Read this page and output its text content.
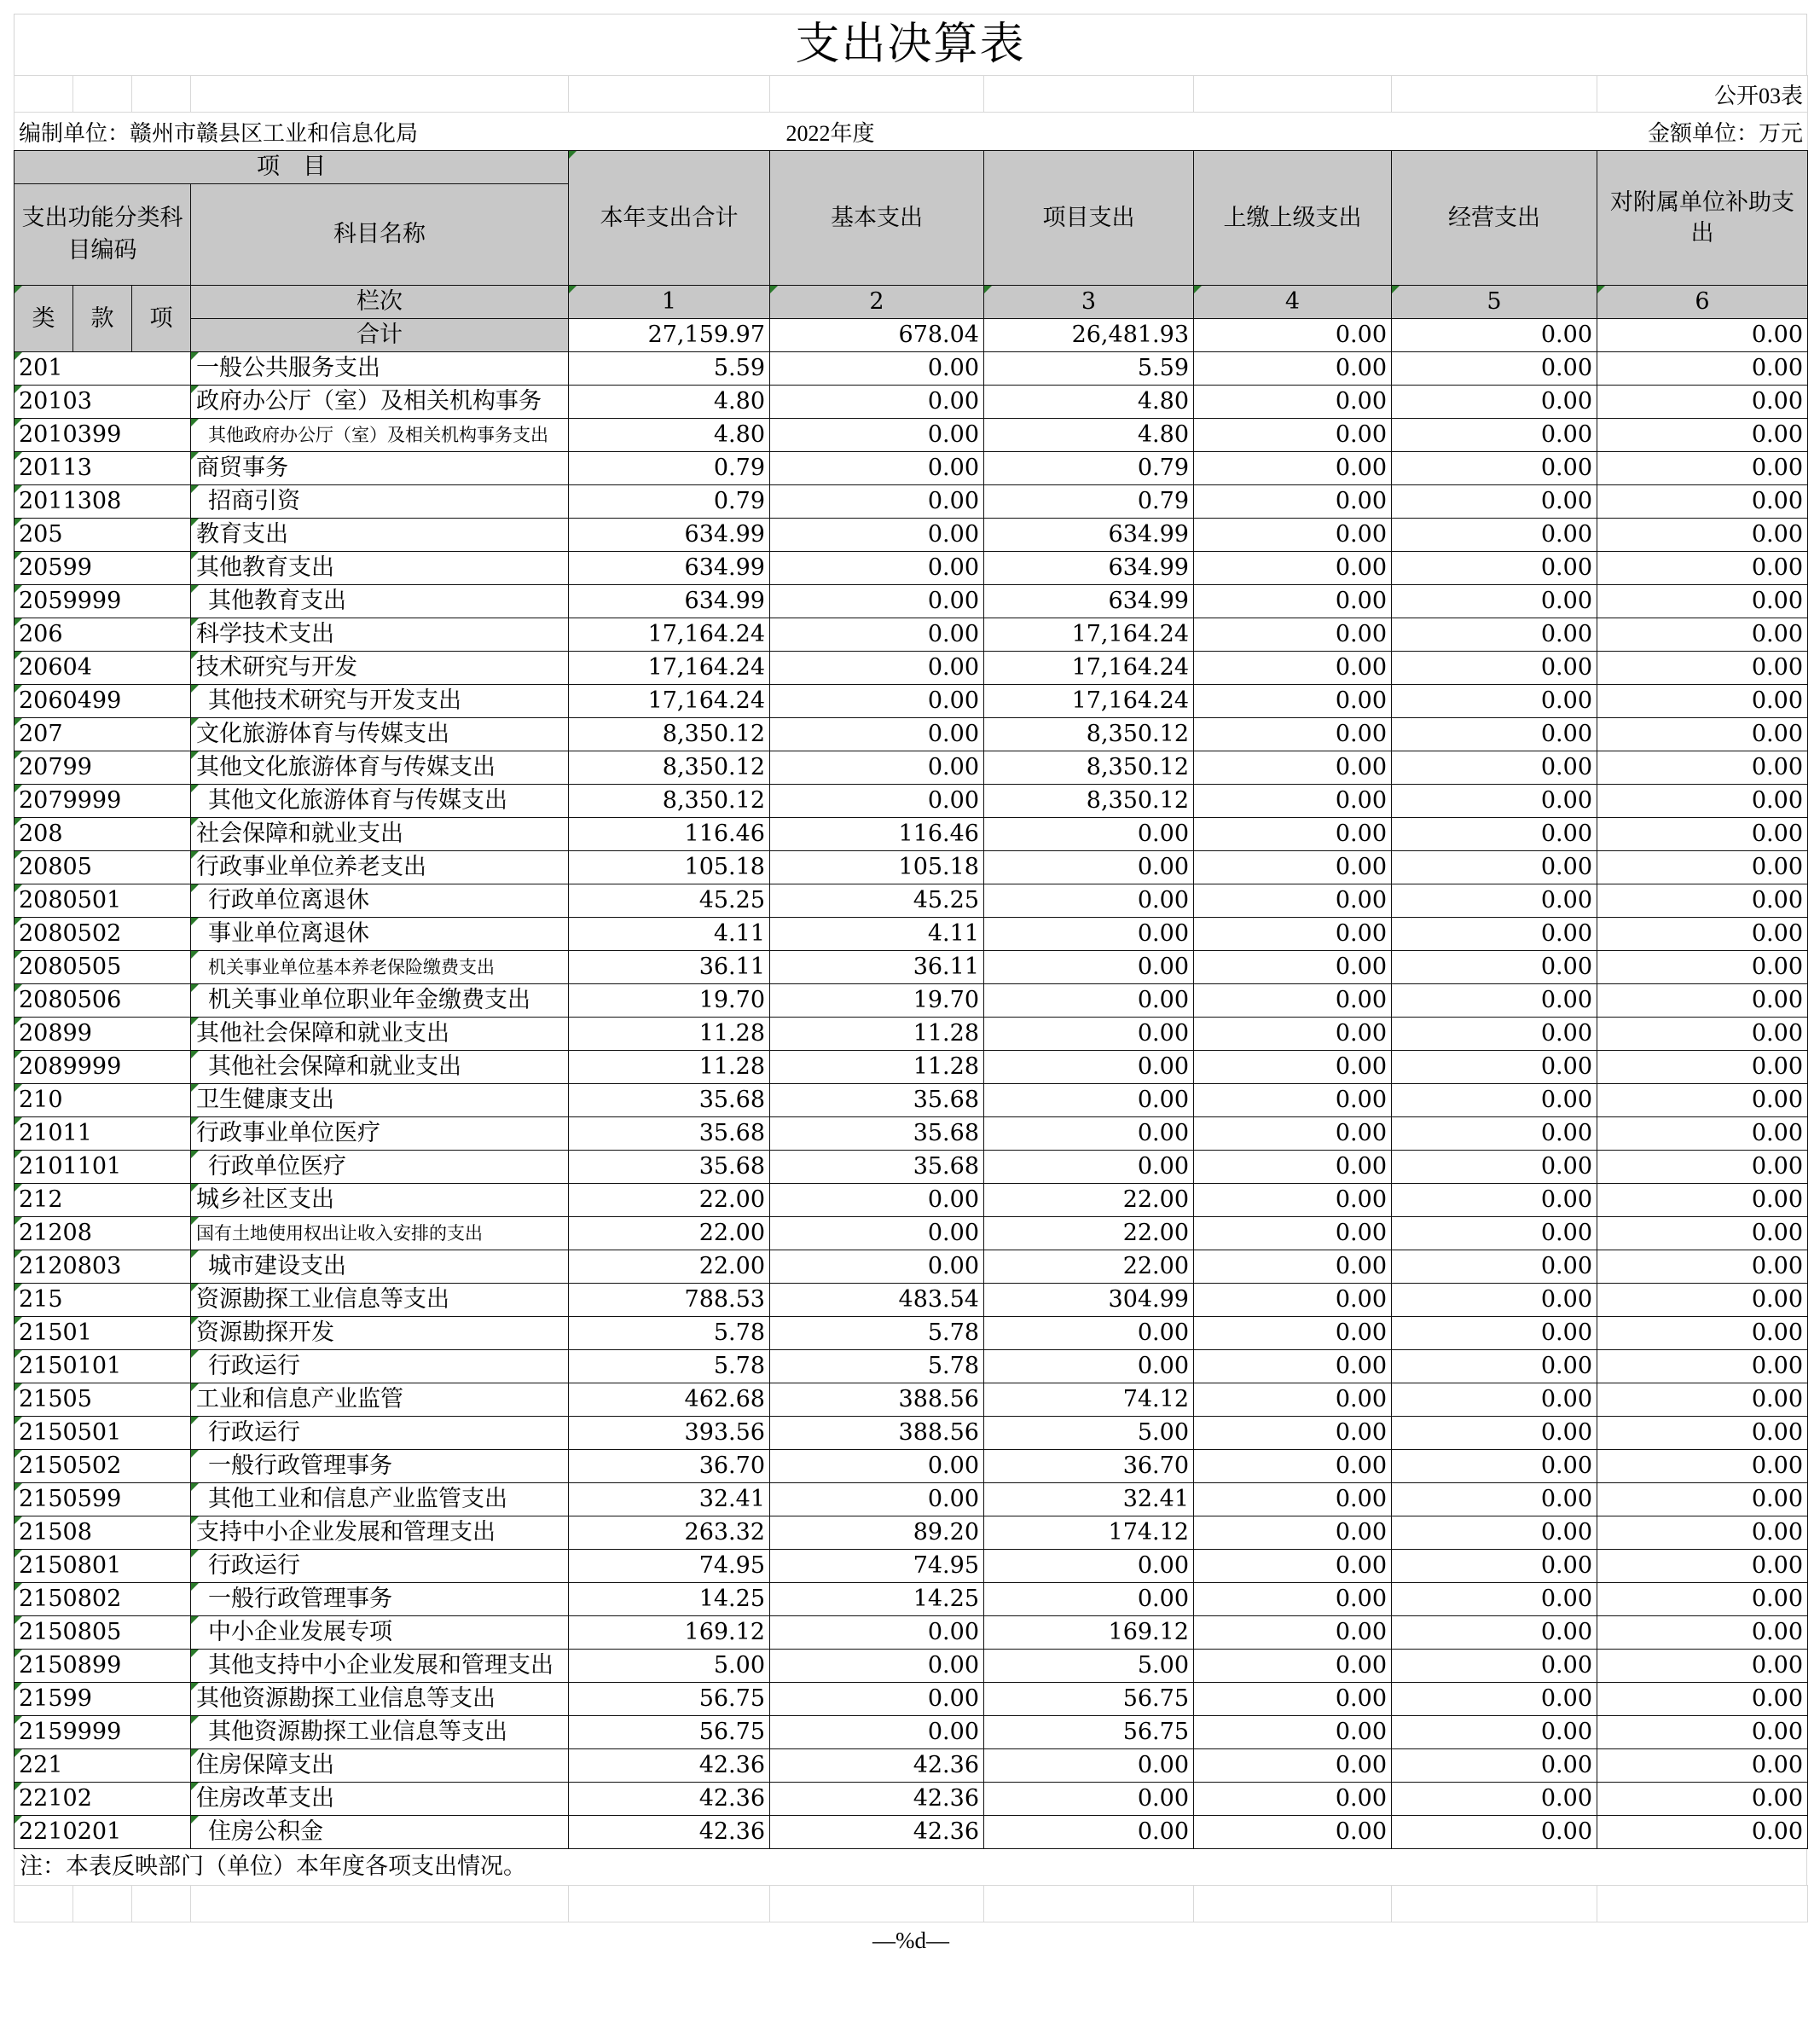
支出决算表
									公开03表
编制单位：赣州市赣县区工业和信息化局	2022年度	金额单位：万元
项　目				本年支出合计	基本支出	项目支出	上缴上级支出	经营支出	对附属单位补助支出
支出功能分类科目编码			科目名称						
类	款	项	栏次	1	2	3	4	5	6
			合计	27,159.97	678.04	26,481.93	0.00	0.00	0.00
201			一般公共服务支出	5.59	0.00	5.59	0.00	0.00	0.00
20103			政府办公厅（室）及相关机构事务	4.80	0.00	4.80	0.00	0.00	0.00
2010399			其他政府办公厅（室）及相关机构事务支出	4.80	0.00	4.80	0.00	0.00	0.00
20113			商贸事务	0.79	0.00	0.79	0.00	0.00	0.00
2011308			招商引资	0.79	0.00	0.79	0.00	0.00	0.00
205			教育支出	634.99	0.00	634.99	0.00	0.00	0.00
20599			其他教育支出	634.99	0.00	634.99	0.00	0.00	0.00
2059999			其他教育支出	634.99	0.00	634.99	0.00	0.00	0.00
206			科学技术支出	17,164.24	0.00	17,164.24	0.00	0.00	0.00
20604			技术研究与开发	17,164.24	0.00	17,164.24	0.00	0.00	0.00
2060499			其他技术研究与开发支出	17,164.24	0.00	17,164.24	0.00	0.00	0.00
207			文化旅游体育与传媒支出	8,350.12	0.00	8,350.12	0.00	0.00	0.00
20799			其他文化旅游体育与传媒支出	8,350.12	0.00	8,350.12	0.00	0.00	0.00
2079999			其他文化旅游体育与传媒支出	8,350.12	0.00	8,350.12	0.00	0.00	0.00
208			社会保障和就业支出	116.46	116.46	0.00	0.00	0.00	0.00
20805			行政事业单位养老支出	105.18	105.18	0.00	0.00	0.00	0.00
2080501			行政单位离退休	45.25	45.25	0.00	0.00	0.00	0.00
2080502			事业单位离退休	4.11	4.11	0.00	0.00	0.00	0.00
2080505			机关事业单位基本养老保险缴费支出	36.11	36.11	0.00	0.00	0.00	0.00
2080506			机关事业单位职业年金缴费支出	19.70	19.70	0.00	0.00	0.00	0.00
20899			其他社会保障和就业支出	11.28	11.28	0.00	0.00	0.00	0.00
2089999			其他社会保障和就业支出	11.28	11.28	0.00	0.00	0.00	0.00
210			卫生健康支出	35.68	35.68	0.00	0.00	0.00	0.00
21011			行政事业单位医疗	35.68	35.68	0.00	0.00	0.00	0.00
2101101			行政单位医疗	35.68	35.68	0.00	0.00	0.00	0.00
212			城乡社区支出	22.00	0.00	22.00	0.00	0.00	0.00
21208			国有土地使用权出让收入安排的支出	22.00	0.00	22.00	0.00	0.00	0.00
2120803			城市建设支出	22.00	0.00	22.00	0.00	0.00	0.00
215			资源勘探工业信息等支出	788.53	483.54	304.99	0.00	0.00	0.00
21501			资源勘探开发	5.78	5.78	0.00	0.00	0.00	0.00
2150101			行政运行	5.78	5.78	0.00	0.00	0.00	0.00
21505			工业和信息产业监管	462.68	388.56	74.12	0.00	0.00	0.00
2150501			行政运行	393.56	388.56	5.00	0.00	0.00	0.00
2150502			一般行政管理事务	36.70	0.00	36.70	0.00	0.00	0.00
2150599			其他工业和信息产业监管支出	32.41	0.00	32.41	0.00	0.00	0.00
21508			支持中小企业发展和管理支出	263.32	89.20	174.12	0.00	0.00	0.00
2150801			行政运行	74.95	74.95	0.00	0.00	0.00	0.00
2150802			一般行政管理事务	14.25	14.25	0.00	0.00	0.00	0.00
2150805			中小企业发展专项	169.12	0.00	169.12	0.00	0.00	0.00
2150899			其他支持中小企业发展和管理支出	5.00	0.00	5.00	0.00	0.00	0.00
21599			其他资源勘探工业信息等支出	56.75	0.00	56.75	0.00	0.00	0.00
2159999			其他资源勘探工业信息等支出	56.75	0.00	56.75	0.00	0.00	0.00
221			住房保障支出	42.36	42.36	0.00	0.00	0.00	0.00
22102			住房改革支出	42.36	42.36	0.00	0.00	0.00	0.00
2210201			住房公积金	42.36	42.36	0.00	0.00	0.00	0.00
注：本表反映部门（单位）本年度各项支出情况。

—%d—
